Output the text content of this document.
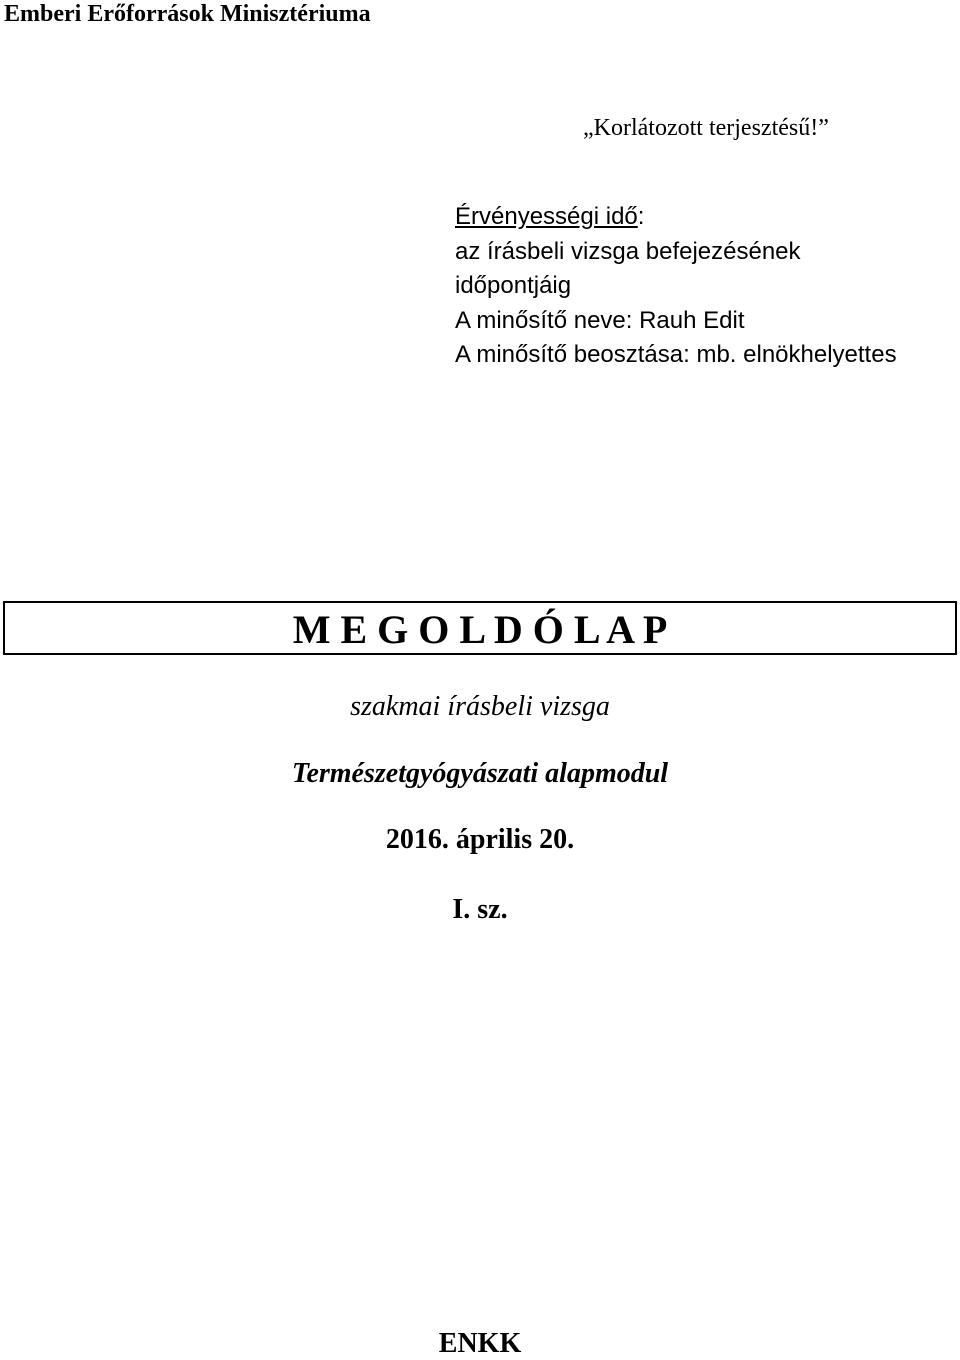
Emberi Erőforrások Minisztériuma
„Korlátozott terjesztésű!”
Érvényességi idő:
az írásbeli vizsga befejezésének
időpontjáig
A minősítő neve: Rauh Edit
A minősítő beosztása: mb. elnökhelyettes
M E G O L D Ó L A P
szakmai írásbeli vizsga
Természetgyógyászati alapmodul
2016. április 20.
I. sz.
ENKK
